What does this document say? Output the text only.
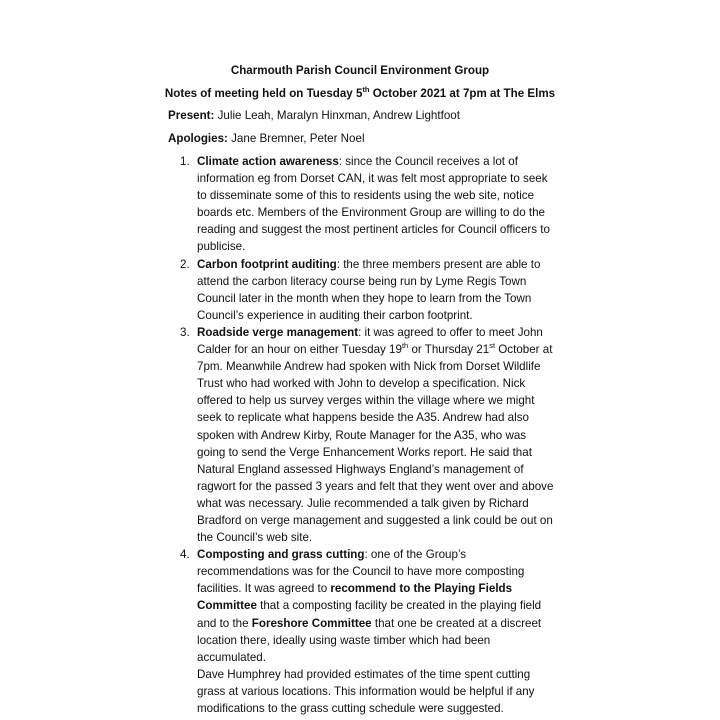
Charmouth Parish Council Environment Group

Notes of meeting held on Tuesday 5th October 2021 at 7pm at The Elms

Present: Julie Leah, Maralyn Hinxman, Andrew Lightfoot

Apologies: Jane Bremner, Peter Noel

1. Climate action awareness: since the Council receives a lot of information eg from Dorset CAN, it was felt most appropriate to seek to disseminate some of this to residents using the web site, notice boards etc. Members of the Environment Group are willing to do the reading and suggest the most pertinent articles for Council officers to publicise.
2. Carbon footprint auditing: the three members present are able to attend the carbon literacy course being run by Lyme Regis Town Council later in the month when they hope to learn from the Town Council’s experience in auditing their carbon footprint.
3. Roadside verge management: it was agreed to offer to meet John Calder for an hour on either Tuesday 19th or Thursday 21st October at 7pm. Meanwhile Andrew had spoken with Nick from Dorset Wildlife Trust who had worked with John to develop a specification. Nick offered to help us survey verges within the village where we might seek to replicate what happens beside the A35. Andrew had also spoken with Andrew Kirby, Route Manager for the A35, who was going to send the Verge Enhancement Works report. He said that Natural England assessed Highways England’s management of ragwort for the passed 3 years and felt that they went over and above what was necessary. Julie recommended a talk given by Richard Bradford on verge management and suggested a link could be out on the Council’s web site.
4. Composting and grass cutting: one of the Group’s recommendations was for the Council to have more composting facilities. It was agreed to recommend to the Playing Fields Committee that a composting facility be created in the playing field and to the Foreshore Committee that one be created at a discreet location there, ideally using waste timber which had been accumulated.

Dave Humphrey had provided estimates of the time spent cutting grass at various locations. This information would be helpful if any modifications to the grass cutting schedule were suggested.
